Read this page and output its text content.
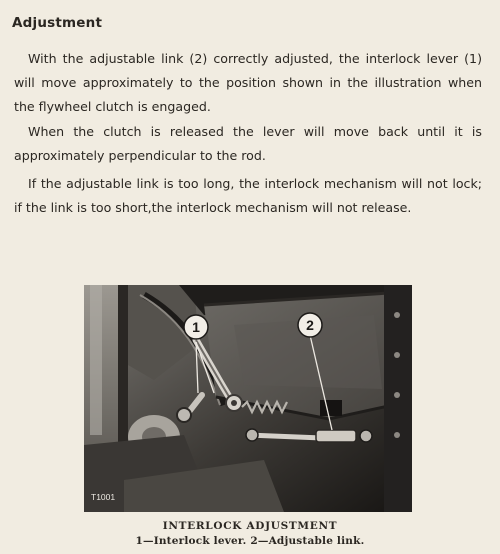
Adjustment

With the adjustable link (2) correctly adjusted, the interlock lever (1) will move approximately to the position shown in the illustration when the flywheel clutch is engaged.

When the clutch is released the lever will move back until it is approximately perpendicular to the rod.

If the adjustable link is too long, the interlock mechanism will not lock; if the link is too short,the interlock mechanism will not release.

1	2
T1001
INTERLOCK ADJUSTMENT
1—Interlock lever. 2—Adjustable link.
